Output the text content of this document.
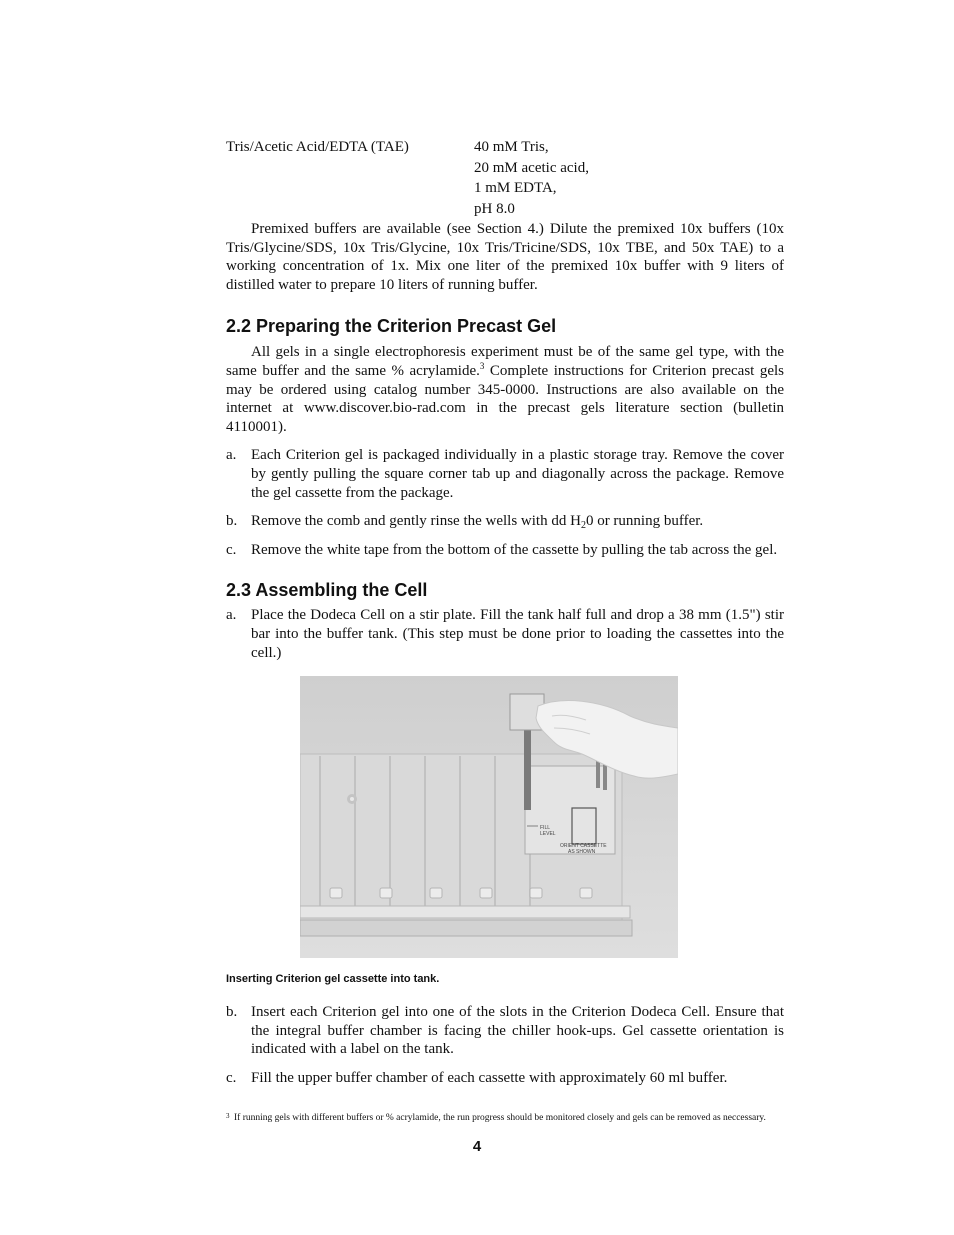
Tris/Acetic Acid/EDTA (TAE)	40 mM Tris,
20 mM acetic acid,
1 mM EDTA,
pH 8.0

Premixed buffers are available (see Section 4.) Dilute the premixed 10x buffers (10x Tris/Glycine/SDS, 10x Tris/Glycine, 10x Tris/Tricine/SDS, 10x TBE, and 50x TAE) to a working concentration of 1x. Mix one liter of the premixed 10x buffer with 9 liters of distilled water to prepare 10 liters of running buffer.

2.2 Preparing the Criterion Precast Gel

All gels in a single electrophoresis experiment must be of the same gel type, with the same buffer and the same % acrylamide.$^3$ Complete instructions for Criterion precast gels may be ordered using catalog number 345-0000. Instructions are also available on the internet at www.discover.bio-rad.com in the precast gels literature section (bulletin 4110001).

a. Each Criterion gel is packaged individually in a plastic storage tray. Remove the cover by gently pulling the square corner tab up and diagonally across the package. Remove the gel cassette from the package.
b. Remove the comb and gently rinse the wells with dd $H_20$ or running buffer.
c. Remove the white tape from the bottom of the cassette by pulling the tab across the gel.
2.3 Assembling the Cell
a. Place the Dodeca Cell on a stir plate. Fill the tank half full and drop a 38 mm (1.5") stir bar into the buffer tank. (This step must be done prior to loading the cassettes into the cell.)
FILL
LEVEL
ORIENT CASSETTE
AS SHOWN
Inserting Criterion gel cassette into tank.
b. Insert each Criterion gel into one of the slots in the Criterion Dodeca Cell. Ensure that the integral buffer chamber is facing the chiller hook-ups. Gel cassette orientation is indicated with a label on the tank.
c. Fill the upper buffer chamber of each cassette with approximately 60 ml buffer.
3 If running gels with different buffers or % acrylamide, the run progress should be monitored closely and gels can be removed as neccessary.
4
